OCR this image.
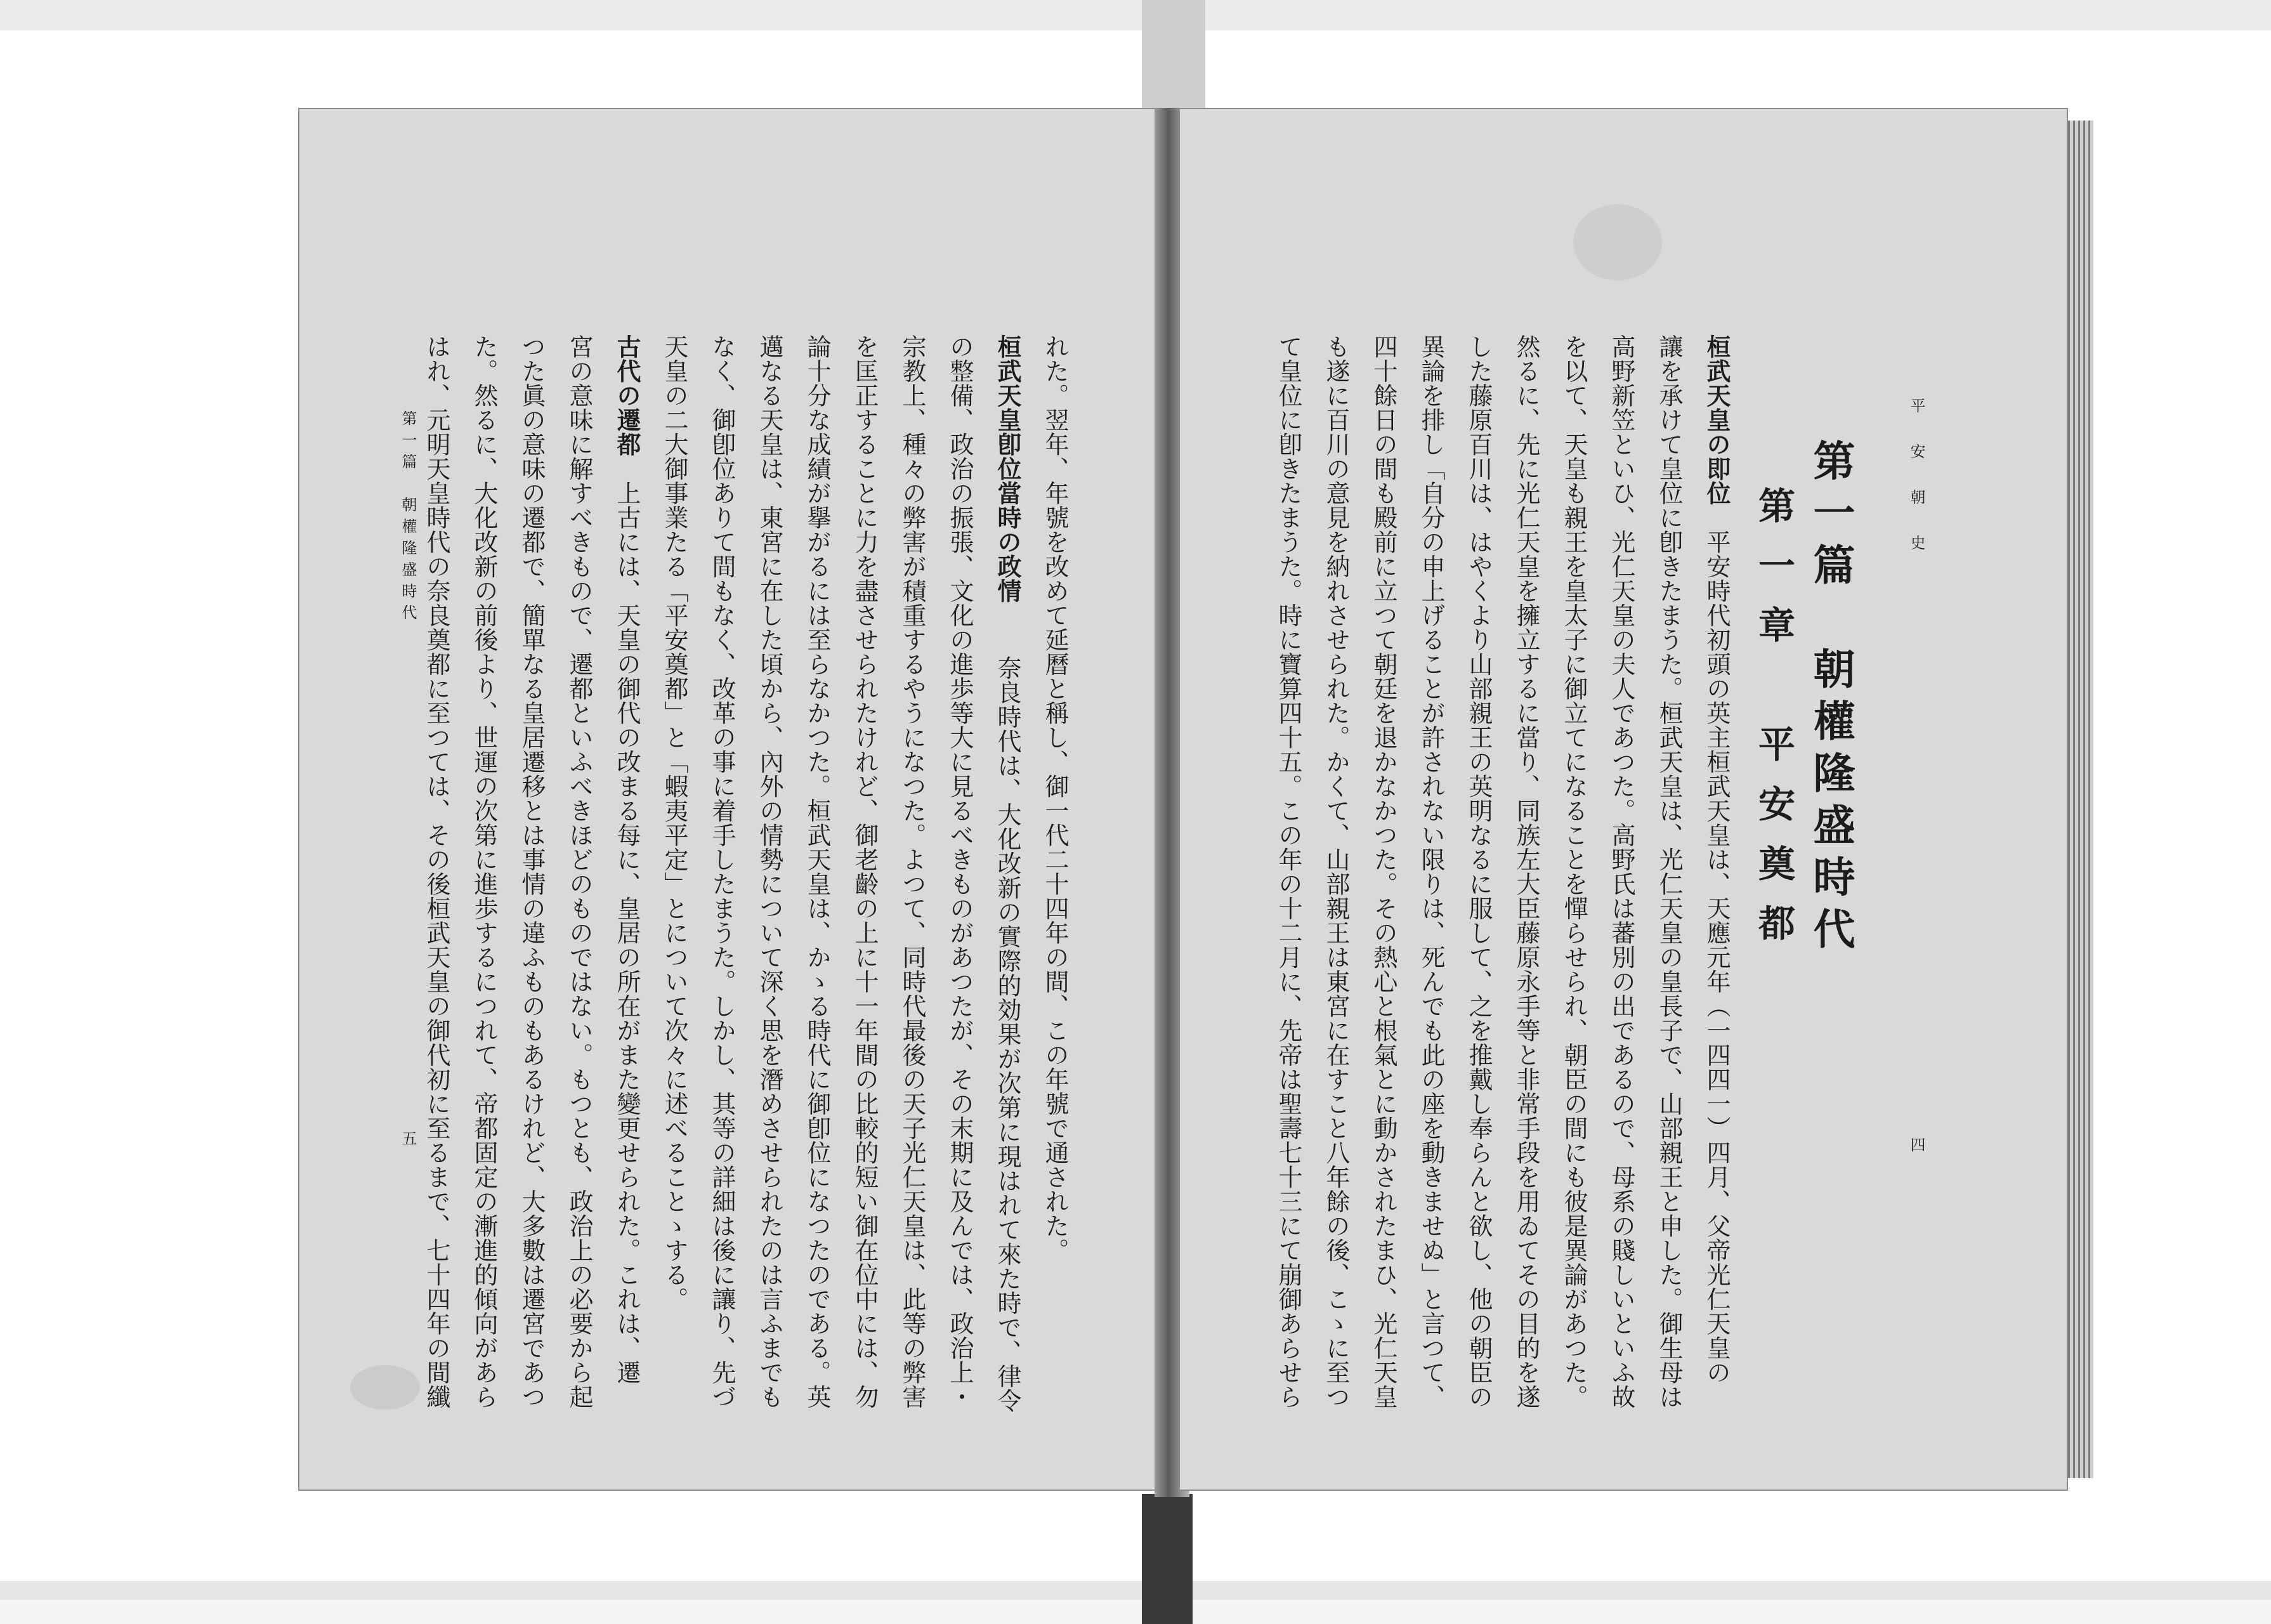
れた。翌年、年號を改めて延曆と稱し、御一代二十四年の間、この年號で通された。
桓武天皇卽位當時の政情 　奈良時代は、大化改新の實際的効果が次第に現はれて來た時で、律令
の整備、政治の振張、文化の進歩等大に見るべきものがあつたが、その末期に及んでは、政治上・
宗教上、種々の弊害が積重するやうになつた。よつて、同時代最後の天子光仁天皇は、此等の弊害
を匡正することに力を盡させられたけれど、御老齡の上に十一年間の比較的短い御在位中には、勿
論十分な成績が擧がるには至らなかつた。桓武天皇は、かゝる時代に御卽位になつたのである。英
邁なる天皇は、東宮に在した頃から、內外の情勢について深く思を潛めさせられたのは言ふまでも
なく、御卽位ありて間もなく、改革の事に着手したまうた。しかし、其等の詳細は後に讓り、先づ
天皇の二大御事業たる「平安奠都」と「蝦夷平定」とについて次々に述べることゝする。
古代の遷都　上古には、天皇の御代の改まる每に、皇居の所在がまた變更せられた。これは、遷
宮の意味に解すべきもので、遷都といふべきほどのものではない。もつとも、政治上の必要から起
つた眞の意味の遷都で、簡單なる皇居遷移とは事情の違ふものもあるけれど、大多數は遷宮であつ
た。然るに、大化改新の前後より、世運の次第に進歩するにつれて、帝都固定の漸進的傾向があら
はれ、元明天皇時代の奈良奠都に至つては、その後桓武天皇の御代初に至るまで、七十四年の間纖
第一篇　朝權隆盛時代
五
平 安 朝 史
四
第一篇　朝權隆盛時代
第一章　平安奠都
桓武天皇の即位　平安時代初頭の英主桓武天皇は、天應元年（一四四一）四月、父帝光仁天皇の
讓を承けて皇位に卽きたまうた。桓武天皇は、光仁天皇の皇長子で、山部親王と申した。御生母は
高野新笠といひ、光仁天皇の夫人であつた。高野氏は蕃別の出であるので、母系の賤しいといふ故
を以て、天皇も親王を皇太子に御立てになることを憚らせられ、朝臣の間にも彼是異論があつた。
然るに、先に光仁天皇を擁立するに當り、同族左大臣藤原永手等と非常手段を用ゐてその目的を遂
した藤原百川は、はやくより山部親王の英明なるに服して、之を推戴し奉らんと欲し、他の朝臣の
異論を排し「自分の申上げることが許されない限りは、死んでも此の座を動きませぬ」と言つて、
四十餘日の間も殿前に立つて朝廷を退かなかつた。その熱心と根氣とに動かされたまひ、光仁天皇
も遂に百川の意見を納れさせられた。かくて、山部親王は東宮に在すこと八年餘の後、こゝに至つ
て皇位に卽きたまうた。時に寶算四十五。この年の十二月に、先帝は聖壽七十三にて崩御あらせら
